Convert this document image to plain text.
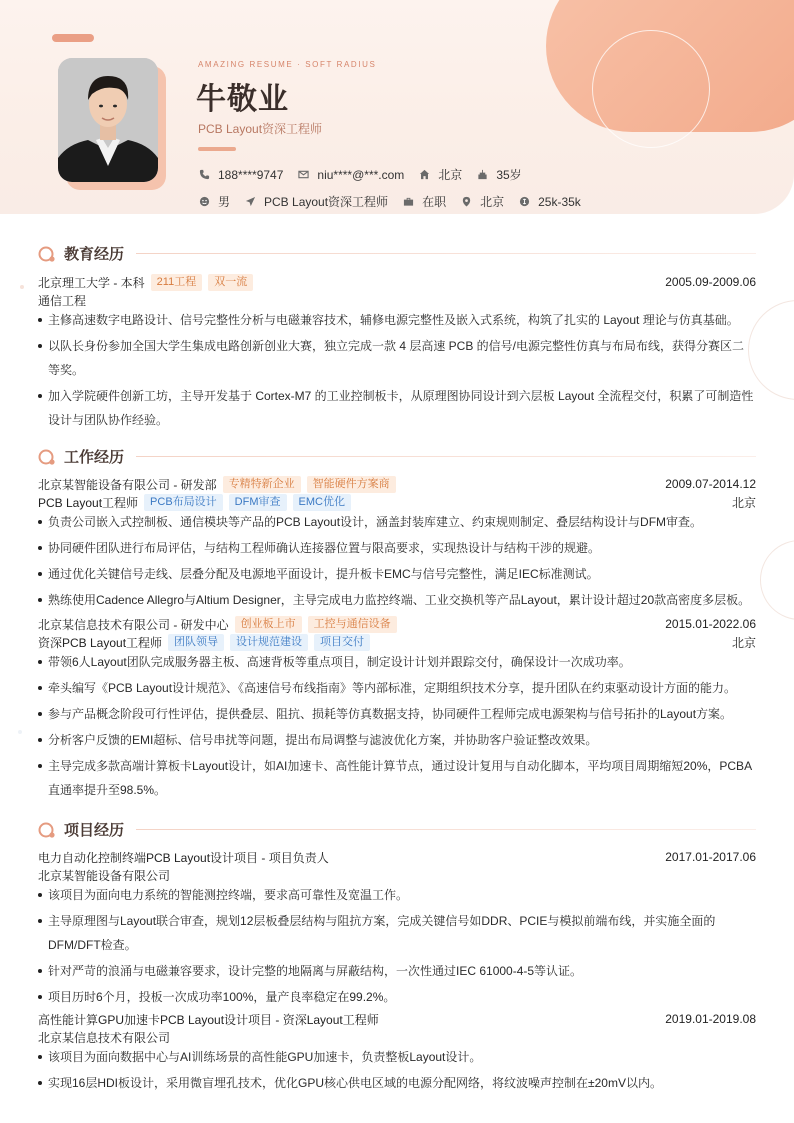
AMAZING RESUME · SOFT RADIUS
牛敬业
PCB Layout资深工程师
188****9747	niu****@***.com	北京	35岁
男	PCB Layout资深工程师	在职	北京	25k-35k
教育经历
北京理工大学 - 本科	211工程	双一流	2005.09-2009.06
通信工程
主修高速数字电路设计、信号完整性分析与电磁兼容技术，辅修电源完整性及嵌入式系统，构筑了扎实的 Layout 理论与仿真基础。
以队长身份参加全国大学生集成电路创新创业大赛，独立完成一款 4 层高速 PCB 的信号/电源完整性仿真与布局布线，获得分赛区二等奖。
加入学院硬件创新工坊，主导开发基于 Cortex-M7 的工业控制板卡，从原理图协同设计到六层板 Layout 全流程交付，积累了可制造性设计与团队协作经验。
工作经历
北京某智能设备有限公司 - 研发部	专精特新企业	智能硬件方案商	2009.07-2014.12
PCB Layout工程师	PCB布局设计	DFM审查	EMC优化	北京
负责公司嵌入式控制板、通信模块等产品的PCB Layout设计，涵盖封装库建立、约束规则制定、叠层结构设计与DFM审查。
协同硬件团队进行布局评估，与结构工程师确认连接器位置与限高要求，实现热设计与结构干涉的规避。
通过优化关键信号走线、层叠分配及电源地平面设计，提升板卡EMC与信号完整性，满足IEC标准测试。
熟练使用Cadence Allegro与Altium Designer，主导完成电力监控终端、工业交换机等产品Layout，累计设计超过20款高密度多层板。
北京某信息技术有限公司 - 研发中心	创业板上市	工控与通信设备	2015.01-2022.06
资深PCB Layout工程师	团队领导	设计规范建设	项目交付	北京
带领6人Layout团队完成服务器主板、高速背板等重点项目，制定设计计划并跟踪交付，确保设计一次成功率。
牵头编写《PCB Layout设计规范》、《高速信号布线指南》等内部标准，定期组织技术分享，提升团队在约束驱动设计方面的能力。
参与产品概念阶段可行性评估，提供叠层、阻抗、损耗等仿真数据支持，协同硬件工程师完成电源架构与信号拓扑的Layout方案。
分析客户反馈的EMI超标、信号串扰等问题，提出布局调整与滤波优化方案，并协助客户验证整改效果。
主导完成多款高端计算板卡Layout设计，如AI加速卡、高性能计算节点，通过设计复用与自动化脚本，平均项目周期缩短20%，PCBA直通率提升至98.5%。
项目经历
电力自动化控制终端PCB Layout设计项目 - 项目负责人	2017.01-2017.06
北京某智能设备有限公司
该项目为面向电力系统的智能测控终端，要求高可靠性及宽温工作。
主导原理图与Layout联合审查，规划12层板叠层结构与阻抗方案，完成关键信号如DDR、PCIE与模拟前端布线，并实施全面的DFM/DFT检查。
针对严苛的浪涌与电磁兼容要求，设计完整的地隔离与屏蔽结构，一次性通过IEC 61000-4-5等认证。
项目历时6个月，投板一次成功率100%，量产良率稳定在99.2%。
高性能计算GPU加速卡PCB Layout设计项目 - 资深Layout工程师	2019.01-2019.08
北京某信息技术有限公司
该项目为面向数据中心与AI训练场景的高性能GPU加速卡，负责整板Layout设计。
实现16层HDI板设计，采用微盲埋孔技术，优化GPU核心供电区域的电源分配网络，将纹波噪声控制在±20mV以内。
